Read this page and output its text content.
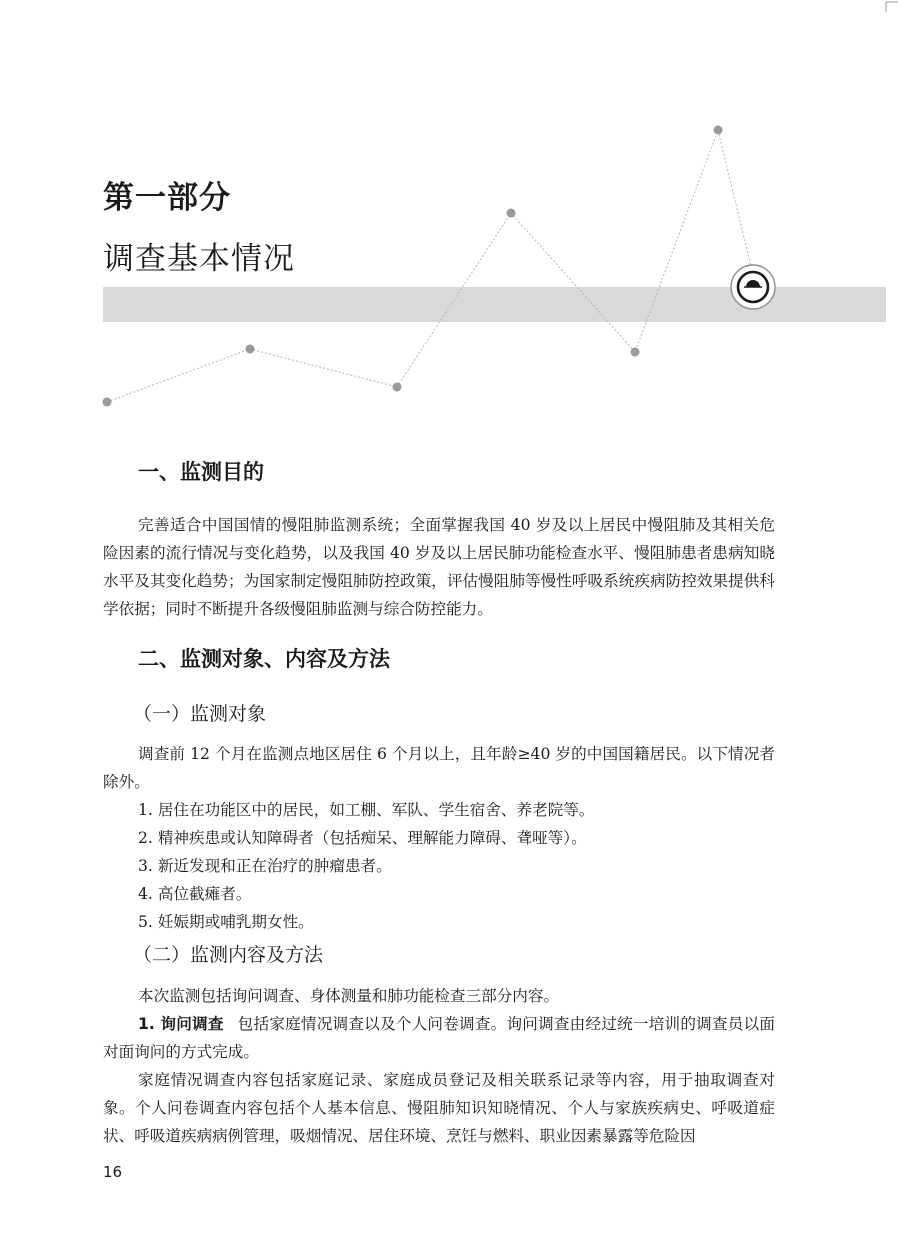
第一部分
调查基本情况
一、监测目的

完善适合中国国情的慢阻肺监测系统；全面掌握我国 40 岁及以上居民中慢阻肺及其相关危险因素的流行情况与变化趋势，以及我国 40 岁及以上居民肺功能检查水平、慢阻肺患者患病知晓水平及其变化趋势；为国家制定慢阻肺防控政策，评估慢阻肺等慢性呼吸系统疾病防控效果提供科学依据；同时不断提升各级慢阻肺监测与综合防控能力。

二、监测对象、内容及方法
（一）监测对象

调查前 12 个月在监测点地区居住 6 个月以上，且年龄≥40 岁的中国国籍居民。以下情况者除外。

1. 居住在功能区中的居民，如工棚、军队、学生宿舍、养老院等。
2. 精神疾患或认知障碍者（包括痴呆、理解能力障碍、聋哑等）。
3. 新近发现和正在治疗的肿瘤患者。
4. 高位截瘫者。
5. 妊娠期或哺乳期女性。
（二）监测内容及方法

本次监测包括询问调查、身体测量和肺功能检查三部分内容。

1. 询问调查 包括家庭情况调查以及个人问卷调查。询问调查由经过统一培训的调查员以面对面询问的方式完成。

家庭情况调查内容包括家庭记录、家庭成员登记及相关联系记录等内容，用于抽取调查对象。个人问卷调查内容包括个人基本信息、慢阻肺知识知晓情况、个人与家族疾病史、呼吸道症状、呼吸道疾病病例管理，吸烟情况、居住环境、烹饪与燃料、职业因素暴露等危险因

16
